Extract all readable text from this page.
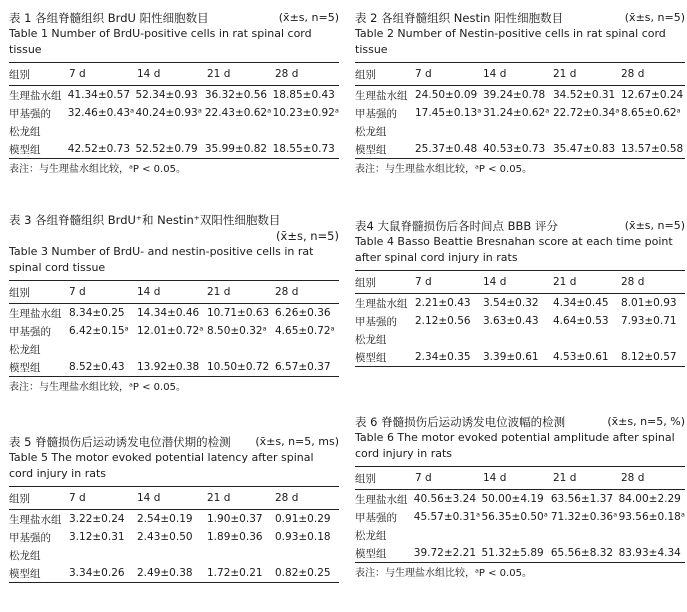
(x̄±s, n=5)
表 1 各组脊髓组织 BrdU 阳性细胞数目
Table 1 Number of BrdU-positive cells in rat spinal cord tissue
组别	7 d	14 d	21 d	28 d
生理盐水组	41.34±0.57	52.34±0.93	36.32±0.56	18.85±0.43
甲基强的	32.46±0.43ᵃ	40.24±0.93ᵃ	22.43±0.62ᵃ	10.23±0.92ᵃ
松龙组				
模型组	42.52±0.73	52.52±0.79	35.99±0.82	18.55±0.73
表注：与生理盐水组比较，ᵃP < 0.05。
表 3 各组脊髓组织 BrdU⁺和 Nestin⁺双阳性细胞数目
(x̄±s, n=5)
Table 3 Number of BrdU- and nestin-positive cells in rat spinal cord tissue
组别	7 d	14 d	21 d	28 d
生理盐水组	8.34±0.25	14.34±0.46	10.71±0.63	6.26±0.36
甲基强的	6.42±0.15ᵃ	12.01±0.72ᵃ	8.50±0.32ᵃ	4.65±0.72ᵃ
松龙组				
模型组	8.52±0.43	13.92±0.38	10.50±0.72	6.57±0.37
表注：与生理盐水组比较，ᵃP < 0.05。
(x̄±s, n=5, ms)
表 5 脊髓损伤后运动诱发电位潜伏期的检测
Table 5 The motor evoked potential latency after spinal cord injury in rats
组别	7 d	14 d	21 d	28 d
生理盐水组	3.22±0.24	2.54±0.19	1.90±0.37	0.91±0.29
甲基强的	3.12±0.31	2.43±0.50	1.89±0.36	0.93±0.18
松龙组				
模型组	3.34±0.26	2.49±0.38	1.72±0.21	0.82±0.25
(x̄±s, n=5)
表 2 各组脊髓组织 Nestin 阳性细胞数目
Table 2 Number of Nestin-positive cells in rat spinal cord tissue
组别	7 d	14 d	21 d	28 d
生理盐水组	24.50±0.09	39.24±0.78	34.52±0.31	12.67±0.24
甲基强的	17.45±0.13ᵃ	31.24±0.62ᵃ	22.72±0.34ᵃ	8.65±0.62ᵃ
松龙组				
模型组	25.37±0.48	40.53±0.73	35.47±0.83	13.57±0.58
表注：与生理盐水组比较，ᵃP < 0.05。
(x̄±s, n=5)
表4 大鼠脊髓损伤后各时间点 BBB 评分
Table 4 Basso Beattie Bresnahan score at each time point after spinal cord injury in rats
组别	7 d	14 d	21 d	28 d
生理盐水组	2.21±0.43	3.54±0.32	4.34±0.45	8.01±0.93
甲基强的	2.12±0.56	3.63±0.43	4.64±0.53	7.93±0.71
松龙组				
模型组	2.34±0.35	3.39±0.61	4.53±0.61	8.12±0.57
(x̄±s, n=5, %)
表 6 脊髓损伤后运动诱发电位波幅的检测
Table 6 The motor evoked potential amplitude after spinal cord injury in rats
组别	7 d	14 d	21 d	28 d
生理盐水组	40.56±3.24	50.00±4.19	63.56±1.37	84.00±2.29
甲基强的	45.57±0.31ᵃ	56.35±0.50ᵃ	71.32±0.36ᵃ	93.56±0.18ᵃ
松龙组				
模型组	39.72±2.21	51.32±5.89	65.56±8.32	83.93±4.34
表注：与生理盐水组比较，ᵃP < 0.05。
